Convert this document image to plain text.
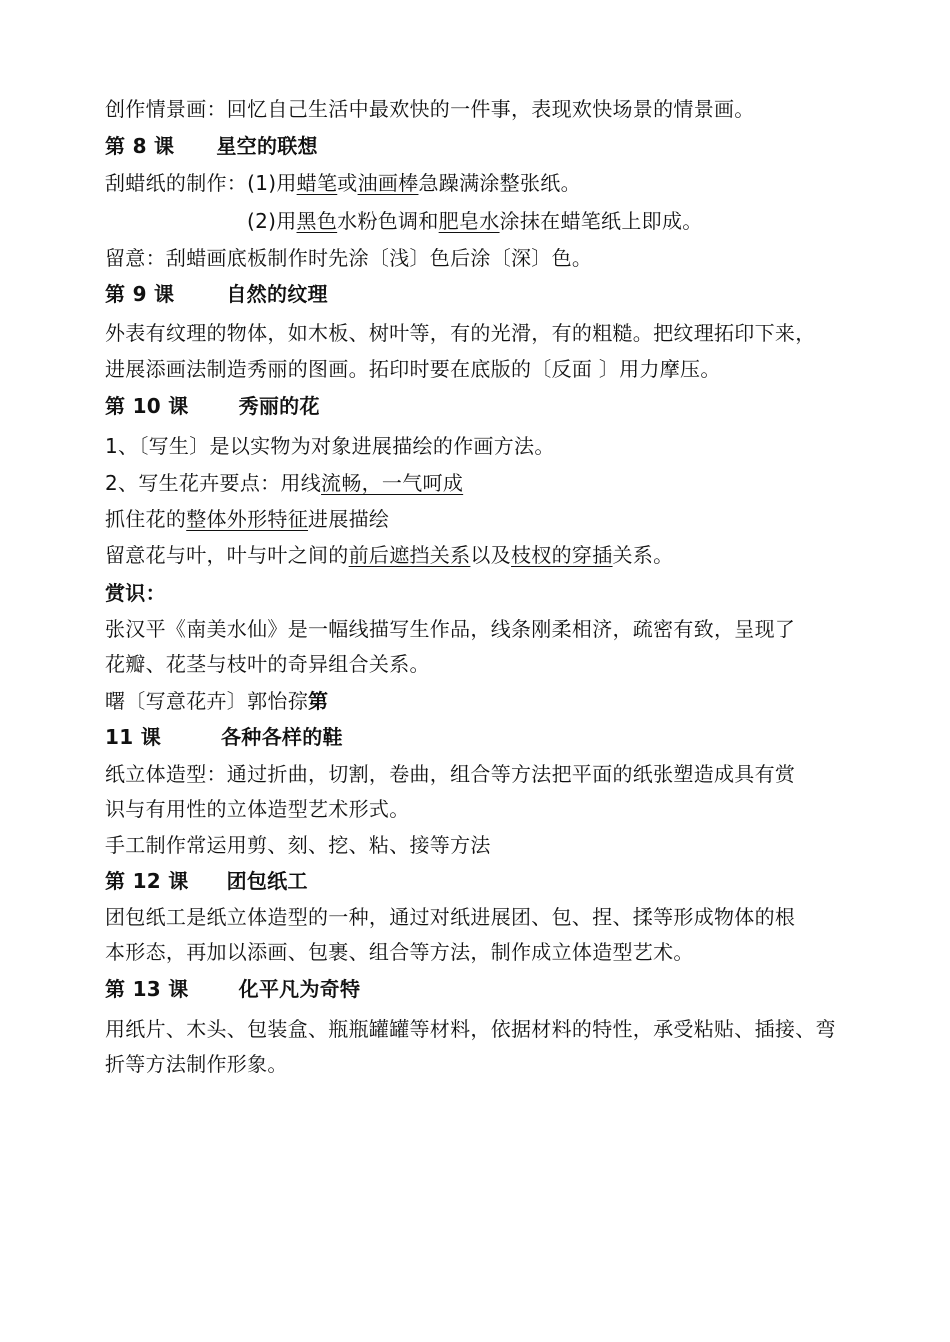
创作情景画：回忆自己生活中最欢快的一件事，表现欢快场景的情景画。
第 8 课 星空的联想
刮蜡纸的制作：(1)用蜡笔或油画棒急躁满涂整张纸。
(2)用黑色水粉色调和肥皂水涂抹在蜡笔纸上即成。
留意：刮蜡画底板制作时先涂〔浅〕色后涂〔深〕色。
第 9 课	自然的纹理
外表有纹理的物体，如木板、树叶等，有的光滑，有的粗糙。把纹理拓印下来，
进展添画法制造秀丽的图画。拓印时要在底版的〔反面 〕用力摩压。
第 10 课	秀丽的花
1、〔写生〕是以实物为对象进展描绘的作画方法。
2、写生花卉要点：用线流畅，一气呵成
抓住花的整体外形特征进展描绘
留意花与叶，叶与叶之间的前后遮挡关系以及枝杈的穿插关系。
赏识：
张汉平《南美水仙》是一幅线描写生作品，线条刚柔相济，疏密有致，呈现了
花瓣、花茎与枝叶的奇异组合关系。
曙〔写意花卉〕郭怡孮第
11 课	各种各样的鞋
纸立体造型：通过折曲，切割，卷曲，组合等方法把平面的纸张塑造成具有赏
识与有用性的立体造型艺术形式。
手工制作常运用剪、刻、挖、粘、接等方法
第 12 课 团包纸工
团包纸工是纸立体造型的一种，通过对纸进展团、包、捏、揉等形成物体的根
本形态，再加以添画、包裹、组合等方法，制作成立体造型艺术。
第 13 课	化平凡为奇特
用纸片、木头、包装盒、瓶瓶罐罐等材料，依据材料的特性，承受粘贴、插接、弯
折等方法制作形象。
